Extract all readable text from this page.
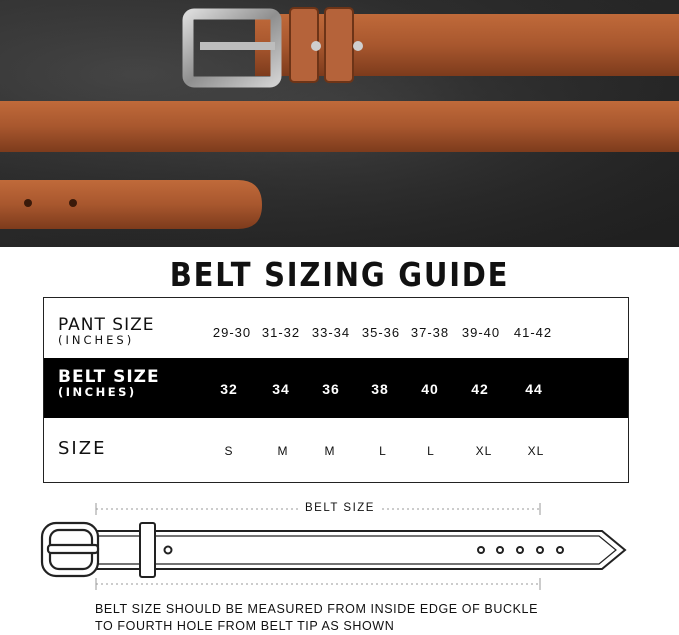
BELT SIZING GUIDE
PANT SIZE
(INCHES)	29-30 31-32 33-34 35-36 37-38 39-40	41-42
BELT SIZE
(INCHES)	32	34	36	38	40	42	44
SIZE	S	M	M	L	L	XL	XL
BELT SIZE
BELT SIZE SHOULD BE MEASURED FROM INSIDE EDGE OF BUCKLE
TO FOURTH HOLE FROM BELT TIP AS SHOWN
